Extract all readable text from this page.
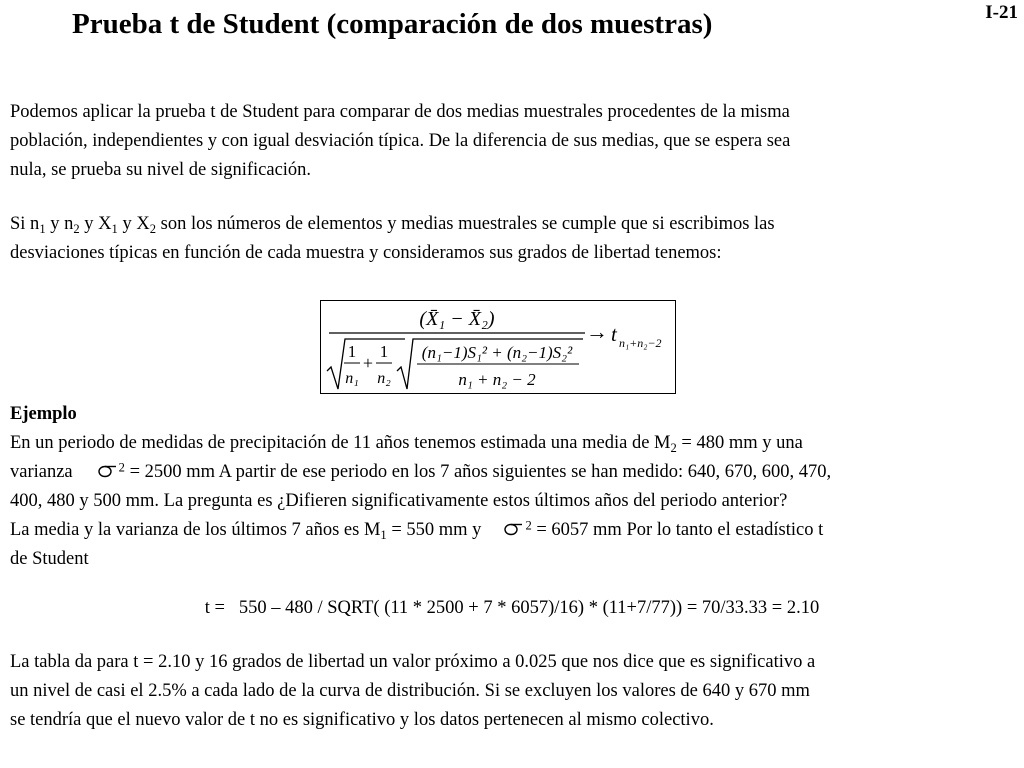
I-21
Prueba t de Student (comparación de dos muestras)

Podemos aplicar la prueba t de Student para comparar de dos medias muestrales procedentes de la misma
población, independientes y con igual desviación típica. De la diferencia de sus medias, que se espera sea
nula, se prueba su nivel de significación.

Si $n_1$ y $n_2$ y $X_1$ y $X_2$ son los números de elementos y medias muestrales se cumple que si escribimos las
desviaciones típicas en función de cada muestra y consideramos sus grados de libertad tenemos:

(X̄₁ − X̄₂)
1
n₁
+
1
n₂
(n₁−1)S₁² + (n₂−1)S₂²
n₁ + n₂ − 2
→ t n₁+n₂−2
Ejemplo

En un periodo de medidas de precipitación de 11 años tenemos estimada una media de $M_2 = 480$ mm y una
varianza	$^2$ = 2500 mm A partir de ese periodo en los 7 años siguientes se han medido: 640, 670, 600, 470,
400, 480 y 500 mm. La pregunta es ¿Difieren significativamente estos últimos años del periodo anterior?
La media y la varianza de los últimos 7 años es $M_1 = 550$ mm y	$^2$ = 6057 mm Por lo tanto el estadístico t
de Student

t =   550 – 480 / SQRT( (11 * 2500 + 7 * 6057)/16) * (11+7/77)) = 70/33.33 = 2.10

La tabla da para t = 2.10 y 16 grados de libertad un valor próximo a 0.025 que nos dice que es significativo a
un nivel de casi el 2.5% a cada lado de la curva de distribución. Si se excluyen los valores de 640 y 670 mm
se tendría que el nuevo valor de t no es significativo y los datos pertenecen al mismo colectivo.
